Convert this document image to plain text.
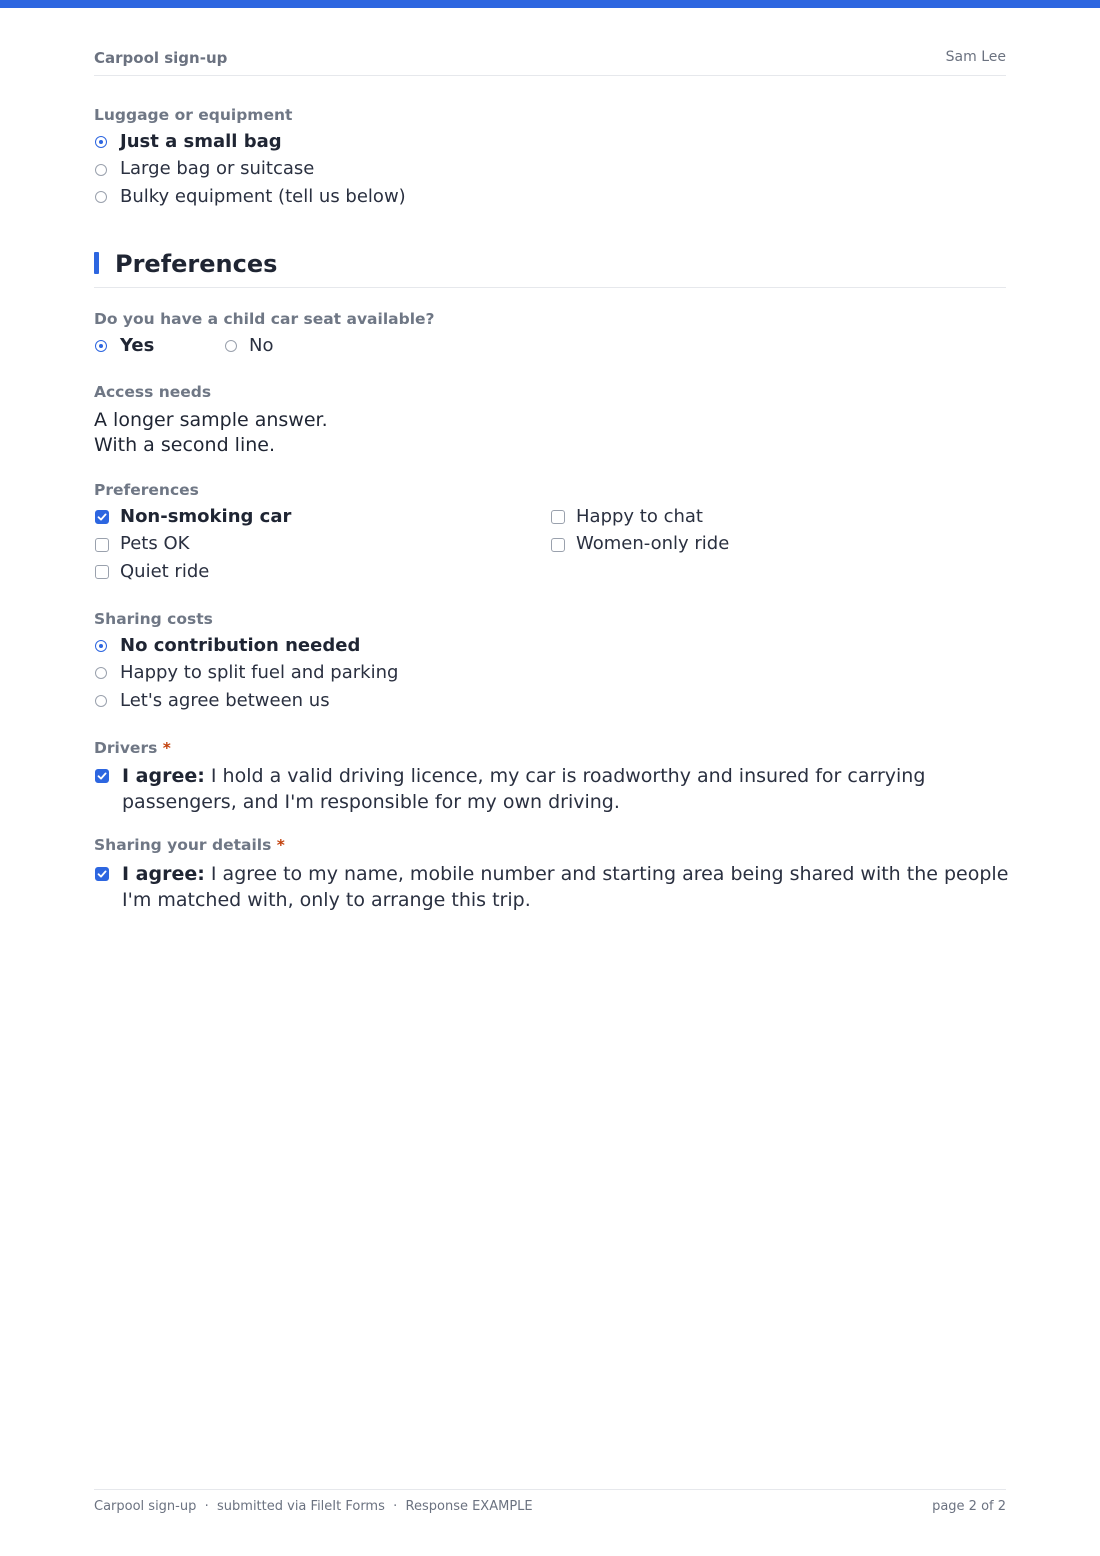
Carpool sign-up	Sam Lee
Luggage or equipment
Just a small bag
Large bag or suitcase
Bulky equipment (tell us below)
Preferences
Do you have a child car seat available?
Yes	No
Access needs
A longer sample answer.
With a second line.
Preferences
Non-smoking car	Happy to chat
Pets OK	Women-only ride
Quiet ride
Sharing costs
No contribution needed
Happy to split fuel and parking
Let's agree between us
Drivers *
I agree: I hold a valid driving licence, my car is roadworthy and insured for carrying passengers, and I'm responsible for my own driving.
Sharing your details *
I agree: I agree to my name, mobile number and starting area being shared with the people I'm matched with, only to arrange this trip.
Carpool sign-up  ·  submitted via FileIt Forms  ·  Response EXAMPLE	page 2 of 2
